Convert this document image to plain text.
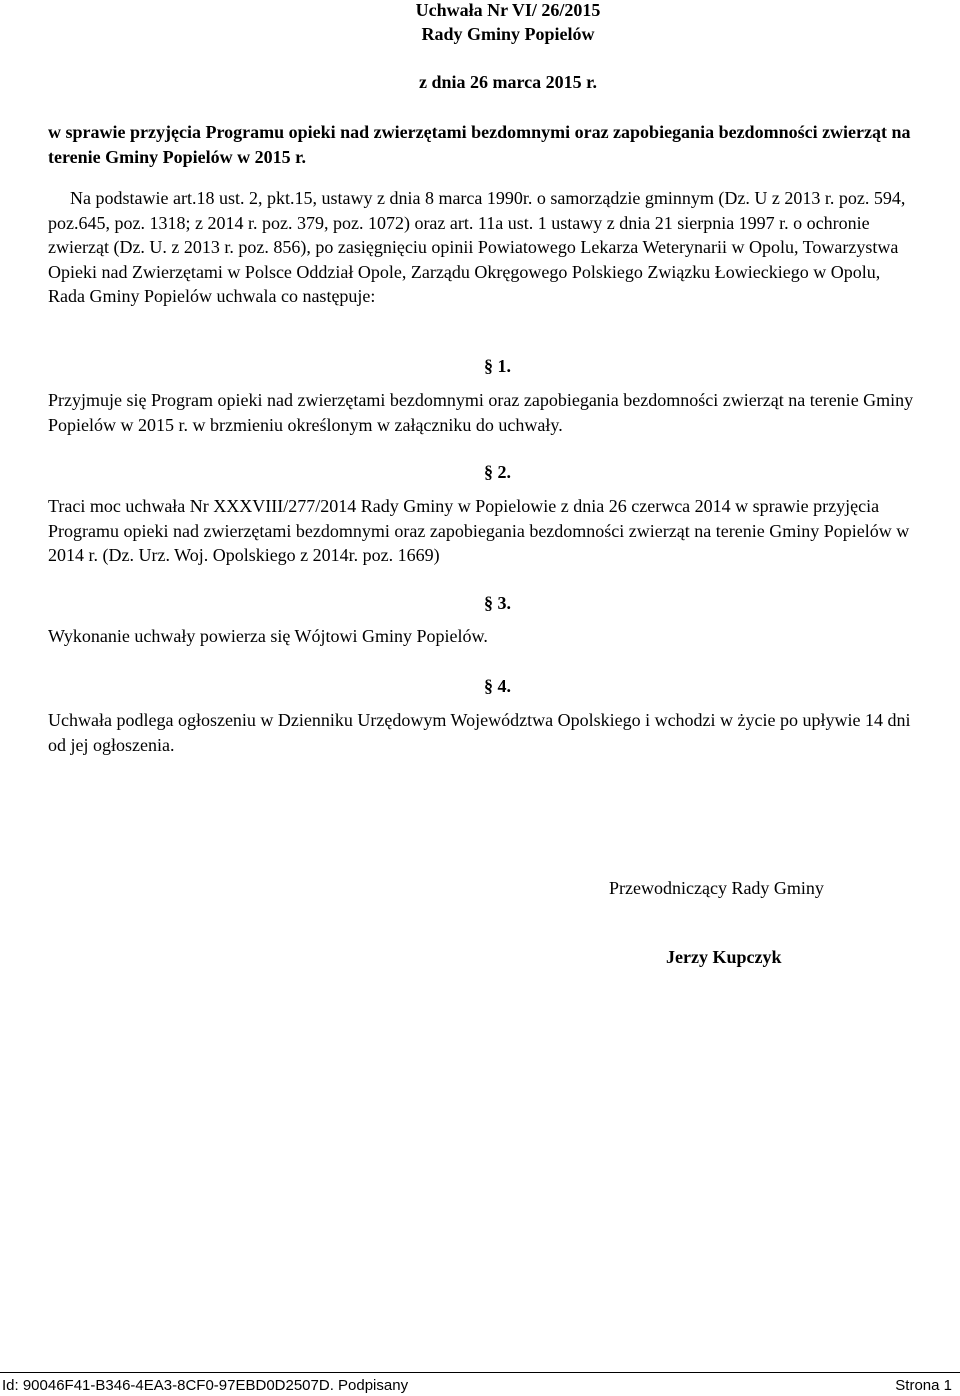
Uchwała Nr VI/ 26/2015
Rady Gminy Popielów
z dnia 26 marca 2015 r.
w sprawie przyjęcia Programu opieki nad zwierzętami bezdomnymi oraz zapobiegania bezdomności zwierząt na terenie Gminy Popielów w 2015 r.
Na podstawie art.18 ust. 2, pkt.15, ustawy z dnia 8 marca 1990r. o samorządzie gminnym (Dz. U z 2013 r. poz. 594, poz.645, poz. 1318; z 2014 r. poz. 379, poz. 1072) oraz art. 11a ust. 1 ustawy z dnia 21 sierpnia 1997 r. o ochronie zwierząt (Dz. U. z 2013 r. poz. 856), po zasięgnięciu opinii Powiatowego Lekarza Weterynarii w Opolu, Towarzystwa Opieki nad Zwierzętami w Polsce Oddział Opole, Zarządu Okręgowego Polskiego Związku Łowieckiego w Opolu, Rada Gminy Popielów uchwala co następuje:
§ 1.
Przyjmuje się Program opieki nad zwierzętami bezdomnymi oraz zapobiegania bezdomności zwierząt na terenie Gminy Popielów w 2015 r. w brzmieniu określonym w załączniku do uchwały.
§ 2.
Traci moc uchwała Nr XXXVIII/277/2014 Rady Gminy w Popielowie z dnia 26 czerwca 2014 w sprawie przyjęcia Programu opieki nad zwierzętami bezdomnymi oraz zapobiegania bezdomności zwierząt na terenie Gminy Popielów w 2014 r. (Dz. Urz. Woj. Opolskiego z 2014r. poz. 1669)
§ 3.
Wykonanie uchwały powierza się Wójtowi Gminy Popielów.
§ 4.
Uchwała podlega ogłoszeniu w Dzienniku Urzędowym Województwa Opolskiego i wchodzi w życie po upływie 14 dni od jej ogłoszenia.
Przewodniczący Rady Gminy
Jerzy Kupczyk
Id: 90046F41-B346-4EA3-8CF0-97EBD0D2507D. Podpisany	Strona 1
